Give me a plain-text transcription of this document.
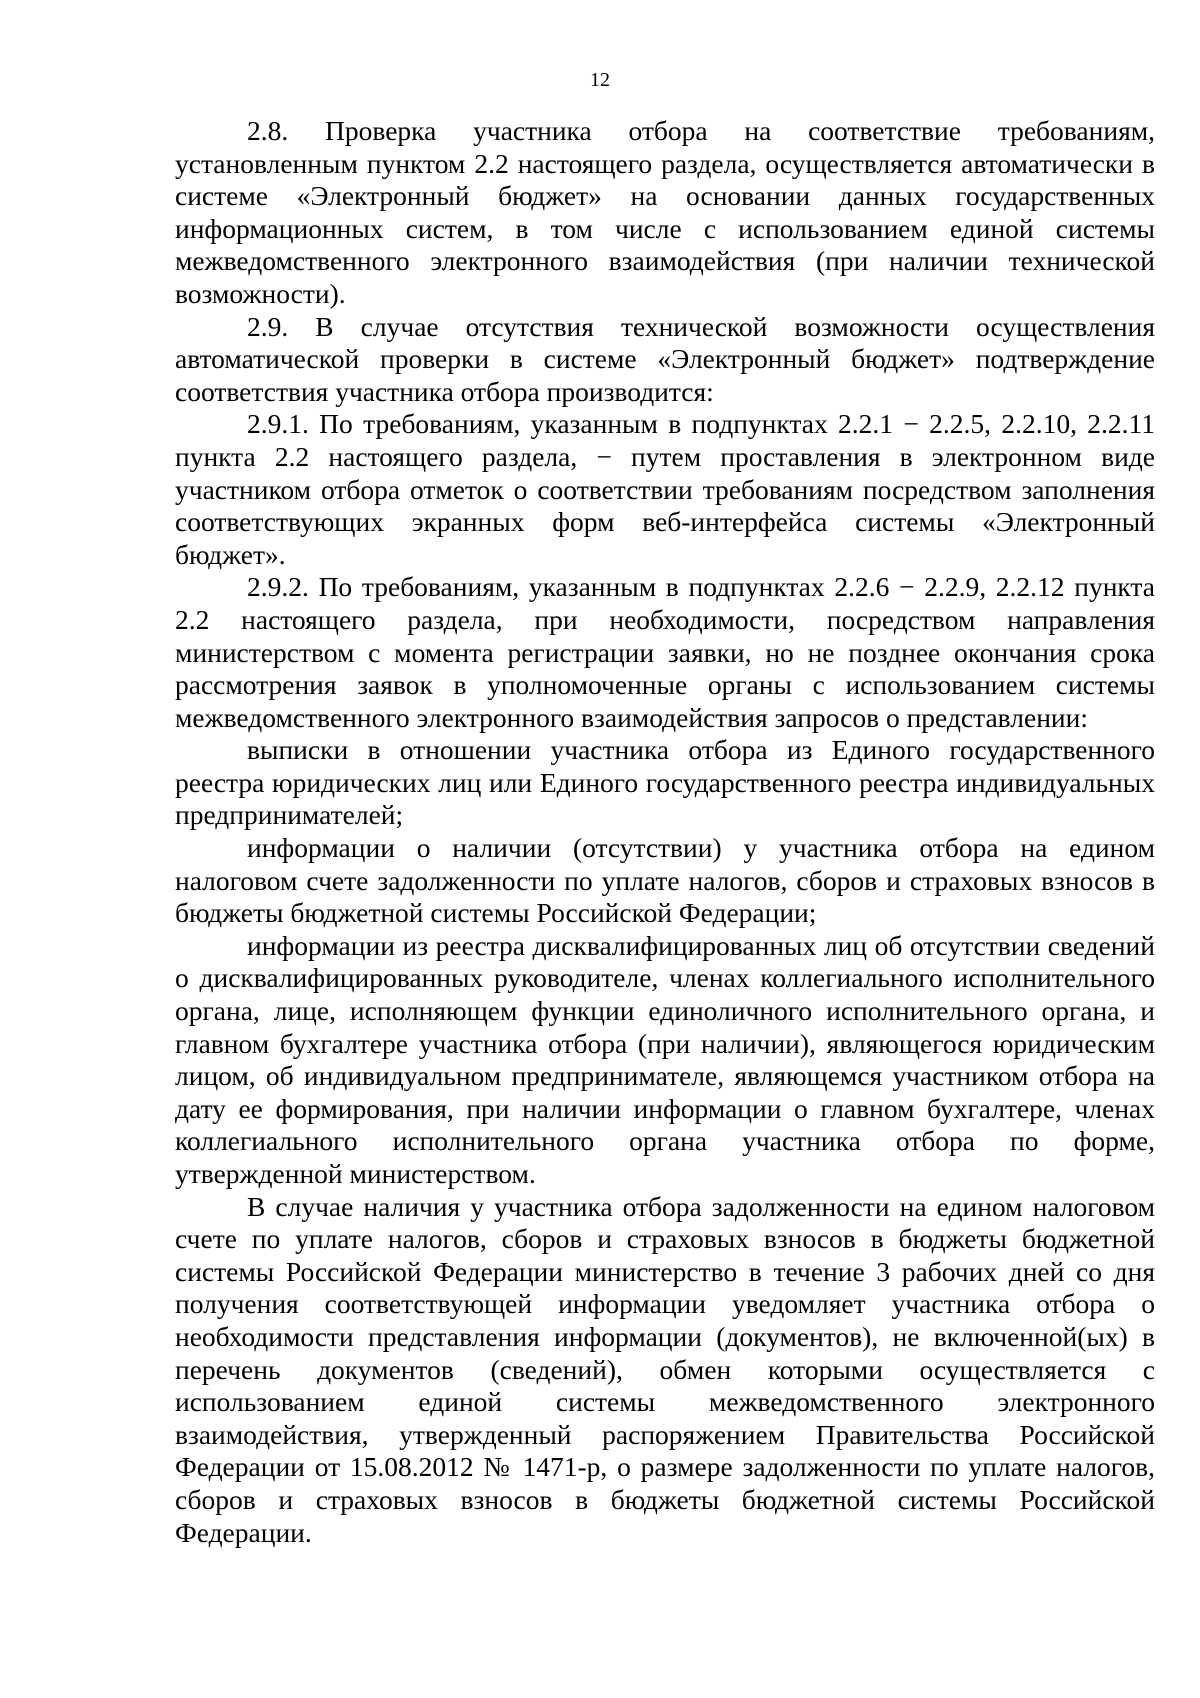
12

2.8. Проверка участника отбора на соответствие требованиям, установленным пунктом 2.2 настоящего раздела, осуществляется автоматически в системе «Электронный бюджет» на основании данных государственных информационных систем, в том числе с использованием единой системы межведомственного электронного взаимодействия (при наличии технической возможности).

2.9. В случае отсутствия технической возможности осуществления автоматической проверки в системе «Электронный бюджет» подтверждение соответствия участника отбора производится:

2.9.1. По требованиям, указанным в подпунктах 2.2.1 − 2.2.5, 2.2.10, 2.2.11 пункта 2.2 настоящего раздела, − путем проставления в электронном виде участником отбора отметок о соответствии требованиям посредством заполнения соответствующих экранных форм веб-интерфейса системы «Электронный бюджет».

2.9.2. По требованиям, указанным в подпунктах 2.2.6 − 2.2.9, 2.2.12 пункта 2.2 настоящего раздела, при необходимости, посредством направления министерством с момента регистрации заявки, но не позднее окончания срока рассмотрения заявок в уполномоченные органы с использованием системы межведомственного электронного взаимодействия запросов о представлении:

выписки в отношении участника отбора из Единого государственного реестра юридических лиц или Единого государственного реестра индивидуальных предпринимателей;

информации о наличии (отсутствии) у участника отбора на едином налоговом счете задолженности по уплате налогов, сборов и страховых взносов в бюджеты бюджетной системы Российской Федерации;

информации из реестра дисквалифицированных лиц об отсутствии сведений о дисквалифицированных руководителе, членах коллегиального исполнительного органа, лице, исполняющем функции единоличного исполнительного органа, и главном бухгалтере участника отбора (при наличии), являющегося юридическим лицом, об индивидуальном предпринимателе, являющемся участником отбора на дату ее формирования, при наличии информации о главном бухгалтере, членах коллегиального исполнительного органа участника отбора по форме, утвержденной министерством.

В случае наличия у участника отбора задолженности на едином налоговом счете по уплате налогов, сборов и страховых взносов в бюджеты бюджетной системы Российской Федерации министерство в течение 3 рабочих дней со дня получения соответствующей информации уведомляет участника отбора о необходимости представления информации (документов), не включенной(ых) в перечень документов (сведений), обмен которыми осуществляется с использованием единой системы межведомственного электронного взаимодействия, утвержденный распоряжением Правительства Российской Федерации от 15.08.2012 № 1471-р, о размере задолженности по уплате налогов, сборов и страховых взносов в бюджеты бюджетной системы Российской Федерации.
